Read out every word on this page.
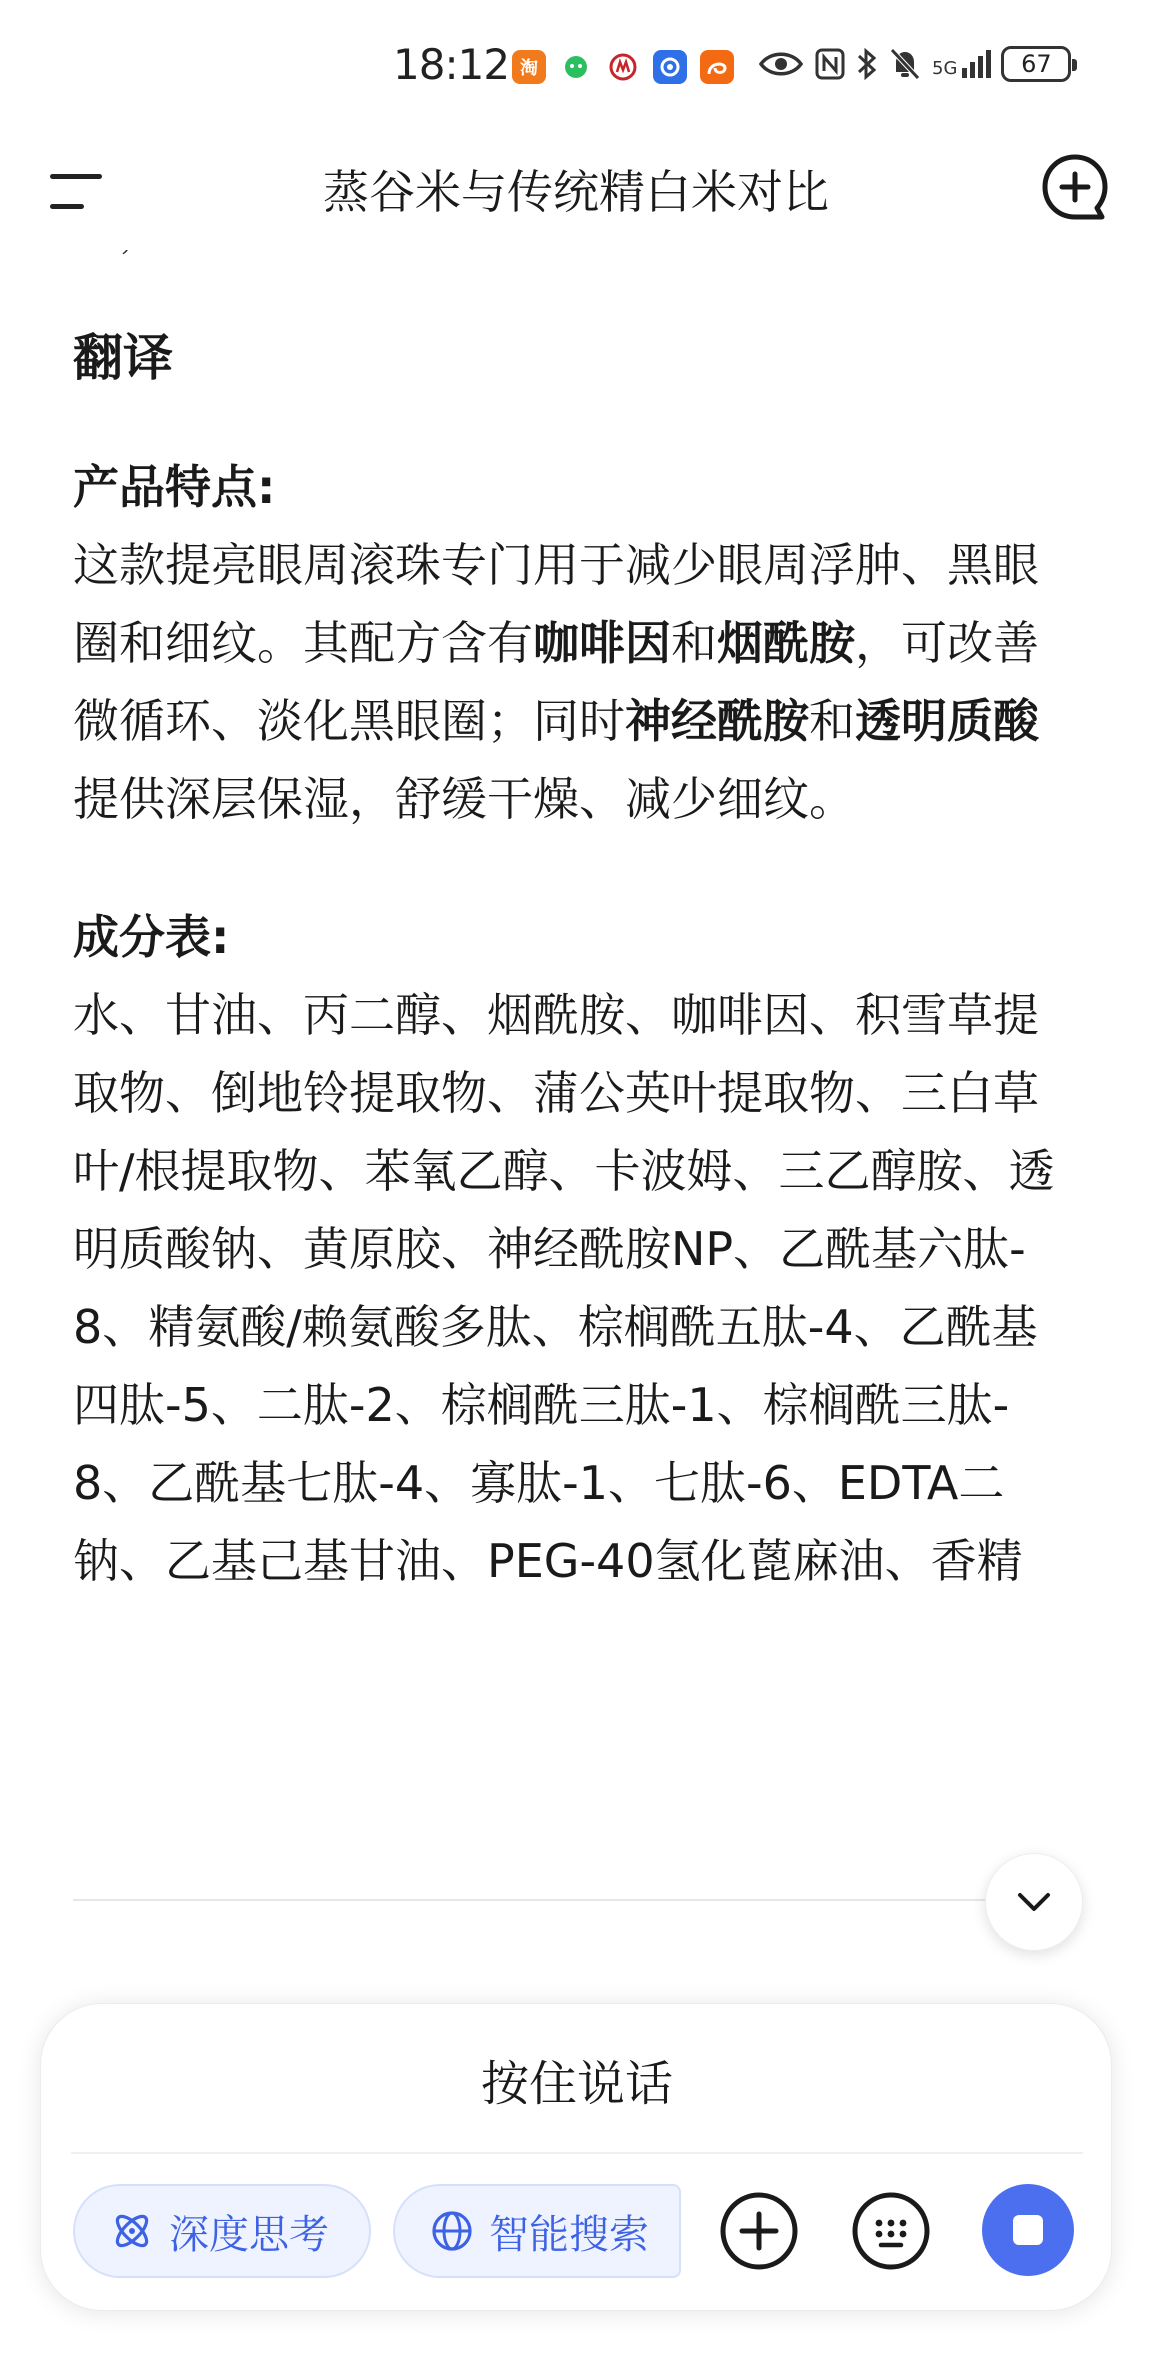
18:12 淘	5G	67
蒸谷米与传统精白米对比
翻译
产品特点:
这款提亮眼周滚珠专门用于减少眼周浮肿、黑眼圈和细纹。其配方含有咖啡因和烟酰胺，可改善微循环、淡化黑眼圈；同时神经酰胺和透明质酸提供深层保湿，舒缓干燥、减少细纹。
成分表:
水、甘油、丙二醇、烟酰胺、咖啡因、积雪草提取物、倒地铃提取物、蒲公英叶提取物、三白草叶/根提取物、苯氧乙醇、卡波姆、三乙醇胺、透明质酸钠、黄原胶、神经酰胺NP、乙酰基六肽-8、精氨酸/赖氨酸多肽、棕榈酰五肽-4、乙酰基四肽-5、二肽-2、棕榈酰三肽-1、棕榈酰三肽-8、乙酰基七肽-4、寡肽-1、七肽-6、EDTA二钠、乙基己基甘油、PEG-40氢化蓖麻油、香精
按住说话
深度思考	智能搜索
